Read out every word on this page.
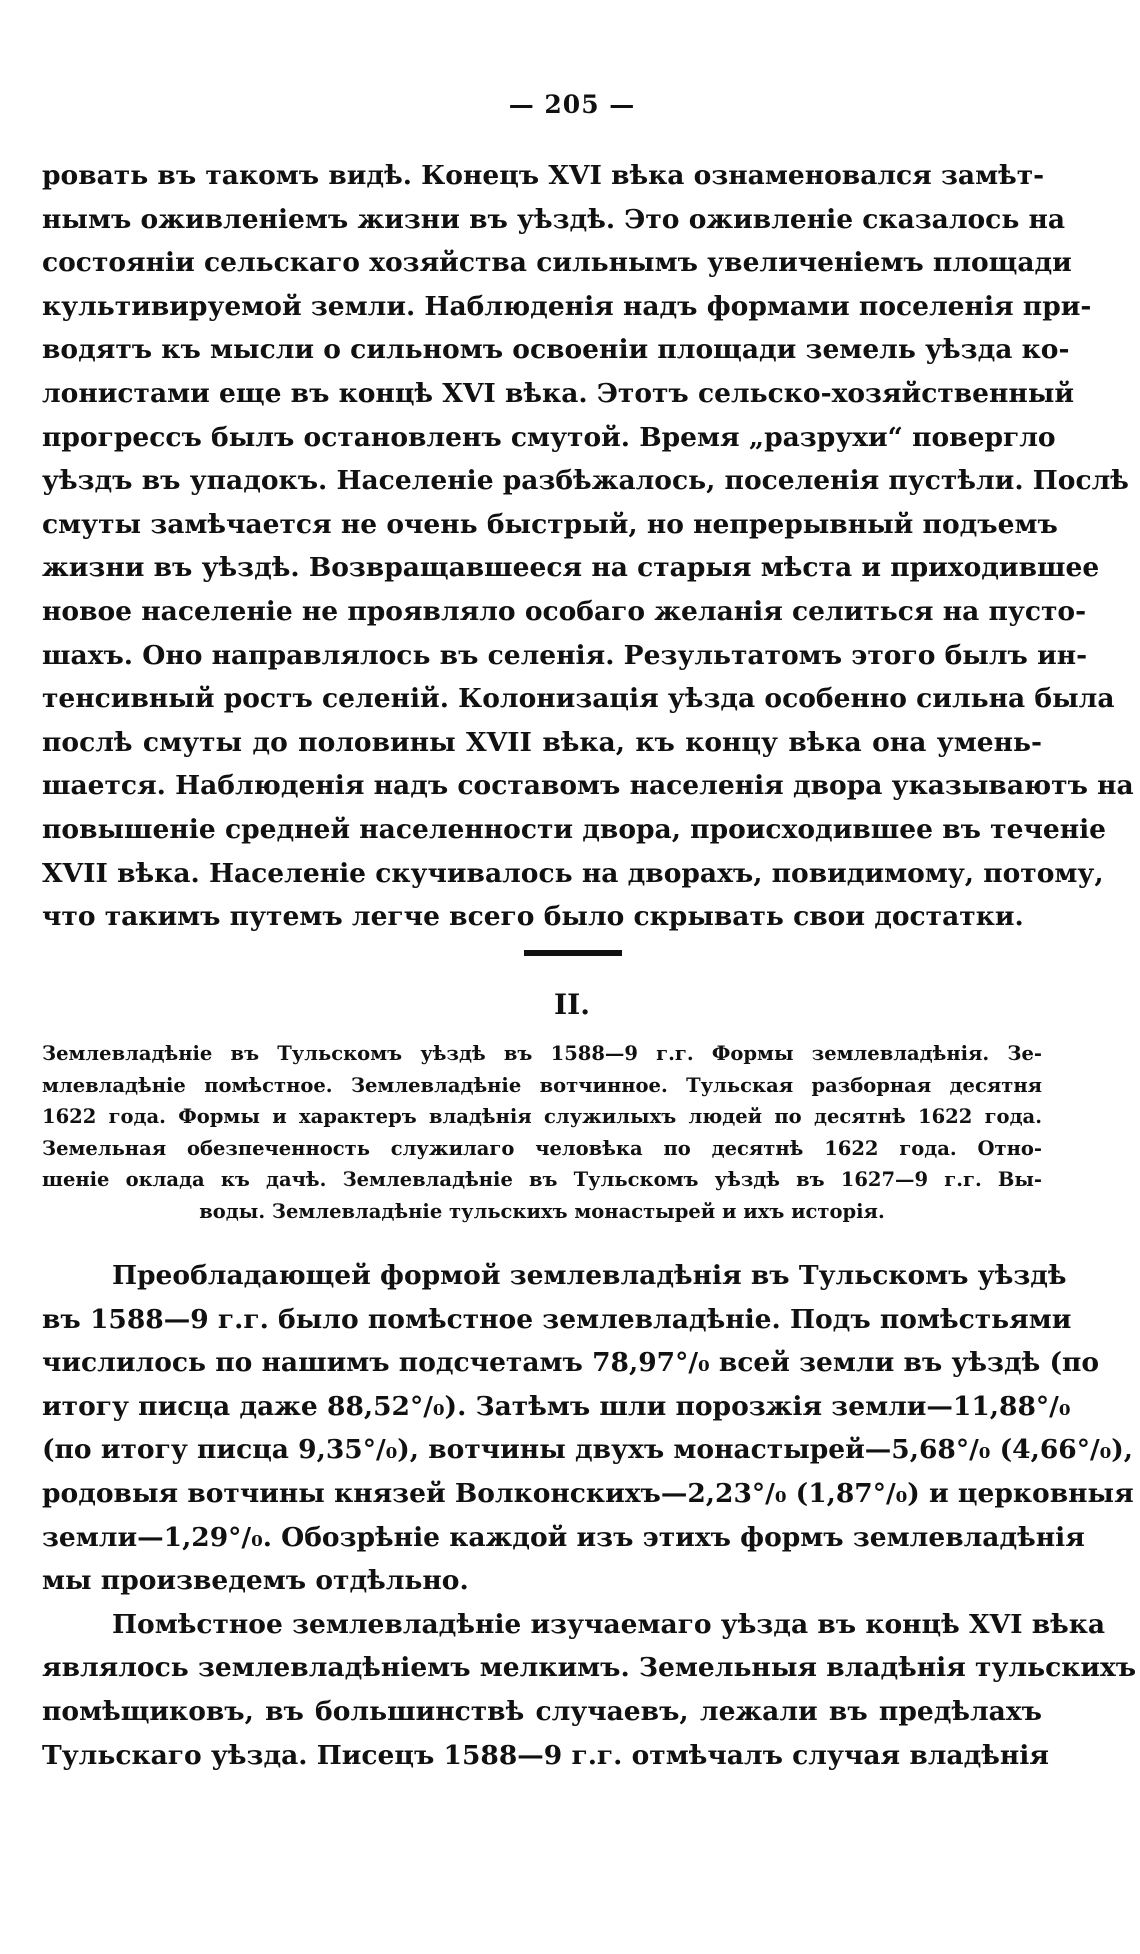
— 205 —
ровать въ такомъ видѣ. Конецъ XVI вѣка ознаменовался замѣт-
нымъ оживленіемъ жизни въ уѣздѣ. Это оживленіе сказалось на
состояніи сельскаго хозяйства сильнымъ увеличеніемъ площади
культивируемой земли. Наблюденія надъ формами поселенія при-
водятъ къ мысли о сильномъ освоеніи площади земель уѣзда ко-
лонистами еще въ концѣ XVI вѣка. Этотъ сельско-хозяйственный
прогрессъ былъ остановленъ смутой. Время „разрухи“ повергло
уѣздъ въ упадокъ. Населеніе разбѣжалось, поселенія пустѣли. Послѣ
смуты замѣчается не очень быстрый, но непрерывный подъемъ
жизни въ уѣздѣ. Возвращавшееся на старыя мѣста и приходившее
новое населеніе не проявляло особаго желанія селиться на пусто-
шахъ. Оно направлялось въ селенія. Результатомъ этого былъ ин-
тенсивный ростъ селеній. Колонизація уѣзда особенно сильна была
послѣ смуты до половины XVII вѣка, къ концу вѣка она умень-
шается. Наблюденія надъ составомъ населенія двора указываютъ на
повышеніе средней населенности двора, происходившее въ теченіе
XVII вѣка. Населеніе скучивалось на дворахъ, повидимому, потому,
что такимъ путемъ легче всего было скрывать свои достатки.
II.
Землевладѣніе въ Тульскомъ уѣздѣ въ 1588—9 г.г. Формы землевладѣнія. Зе-
млевладѣніе помѣстное. Землевладѣніе вотчинное. Тульская разборная десятня
1622 года. Формы и характеръ владѣнія служилыхъ людей по десятнѣ 1622 года.
Земельная обезпеченность служилаго человѣка по десятнѣ 1622 года. Отно-
шеніе оклада къ дачѣ. Землевладѣніе въ Тульскомъ уѣздѣ въ 1627—9 г.г. Вы-
воды. Землевладѣніе тульскихъ монастырей и ихъ исторія.
Преобладающей формой землевладѣнія въ Тульскомъ уѣздѣ
въ 1588—9 г.г. было помѣстное землевладѣніе. Подъ помѣстьями
числилось по нашимъ подсчетамъ 78,97°/₀ всей земли въ уѣздѣ (по
итогу писца даже 88,52°/₀). Затѣмъ шли порозжія земли—11,88°/₀
(по итогу писца 9,35°/₀), вотчины двухъ монастырей—5,68°/₀ (4,66°/₀),
родовыя вотчины князей Волконскихъ—2,23°/₀ (1,87°/₀) и церковныя
земли—1,29°/₀. Обозрѣніе каждой изъ этихъ формъ землевладѣнія
мы произведемъ отдѣльно.
Помѣстное землевладѣніе изучаемаго уѣзда въ концѣ XVI вѣка
являлось землевладѣніемъ мелкимъ. Земельныя владѣнія тульскихъ
помѣщиковъ, въ большинствѣ случаевъ, лежали въ предѣлахъ
Тульскаго уѣзда. Писецъ 1588—9 г.г. отмѣчалъ случая владѣнія
